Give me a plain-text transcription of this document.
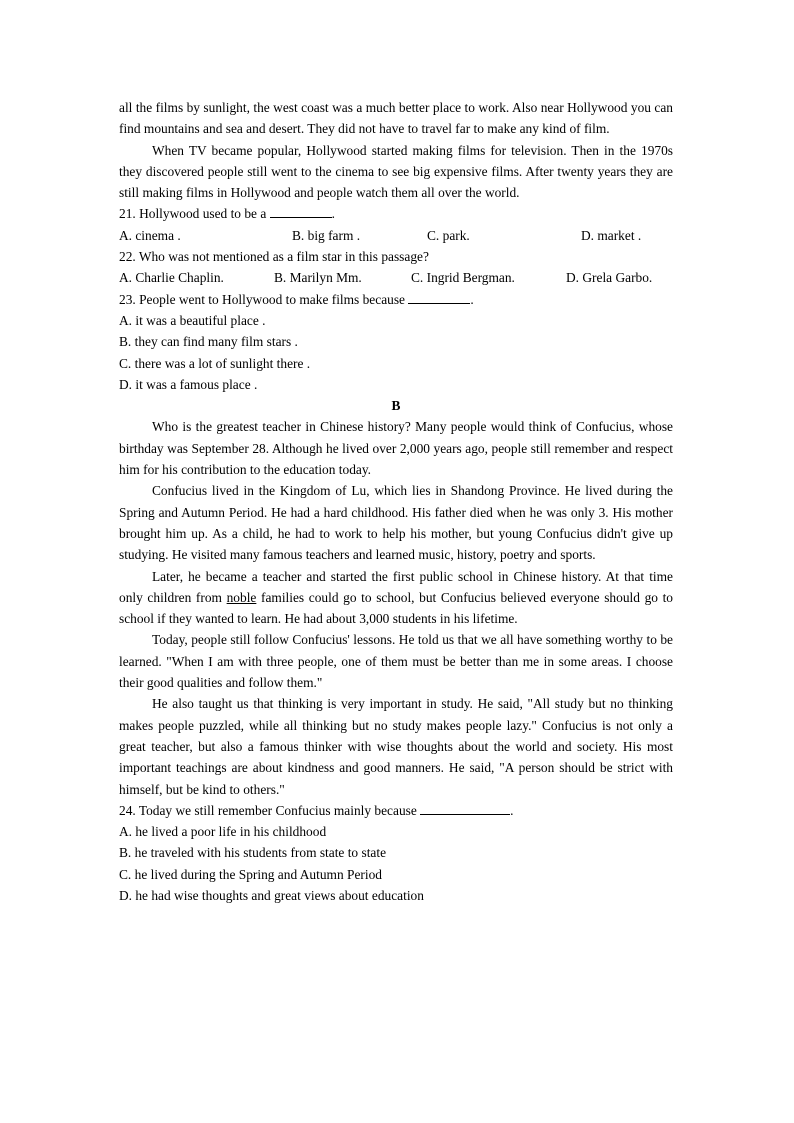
all the films by sunlight, the west coast was a much better place to work. Also near Hollywood you can find mountains and sea and desert. They did not have to travel far to make any kind of film.

When TV became popular, Hollywood started making films for television. Then in the 1970s they discovered people still went to the cinema to see big expensive films. After twenty years they are still making films in Hollywood and people watch them all over the world.

21. Hollywood used to be a	.

A. cinema .	B. big farm .	C. park.	D. market .

22. Who was not mentioned as a film star in this passage?

A. Charlie Chaplin.	B. Marilyn Mm.	C. Ingrid Bergman.	D. Grela Garbo.

23. People went to Hollywood to make films because	.

A. it was a beautiful place .

B. they can find many film stars .

C. there was a lot of sunlight there .

D. it was a famous place .

B

Who is the greatest teacher in Chinese history? Many people would think of Confucius, whose birthday was September 28. Although he lived over 2,000 years ago, people still remember and respect him for his contribution to the education today.

Confucius lived in the Kingdom of Lu, which lies in Shandong Province. He lived during the Spring and Autumn Period. He had a hard childhood. His father died when he was only 3. His mother brought him up. As a child, he had to work to help his mother, but young Confucius didn't give up studying. He visited many famous teachers and learned music, history, poetry and sports.

Later, he became a teacher and started the first public school in Chinese history. At that time only children from noble families could go to school, but Confucius believed everyone should go to school if they wanted to learn. He had about 3,000 students in his lifetime.

Today, people still follow Confucius' lessons. He told us that we all have something worthy to be learned. "When I am with three people, one of them must be better than me in some areas. I choose their good qualities and follow them."

He also taught us that thinking is very important in study. He said, "All study but no thinking makes people puzzled, while all thinking but no study makes people lazy." Confucius is not only a great teacher, but also a famous thinker with wise thoughts about the world and society. His most important teachings are about kindness and good manners. He said, "A person should be strict with himself, but be kind to others."

24. Today we still remember Confucius mainly because	.

A. he lived a poor life in his childhood

B. he traveled with his students from state to state

C. he lived during the Spring and Autumn Period

D. he had wise thoughts and great views about education
